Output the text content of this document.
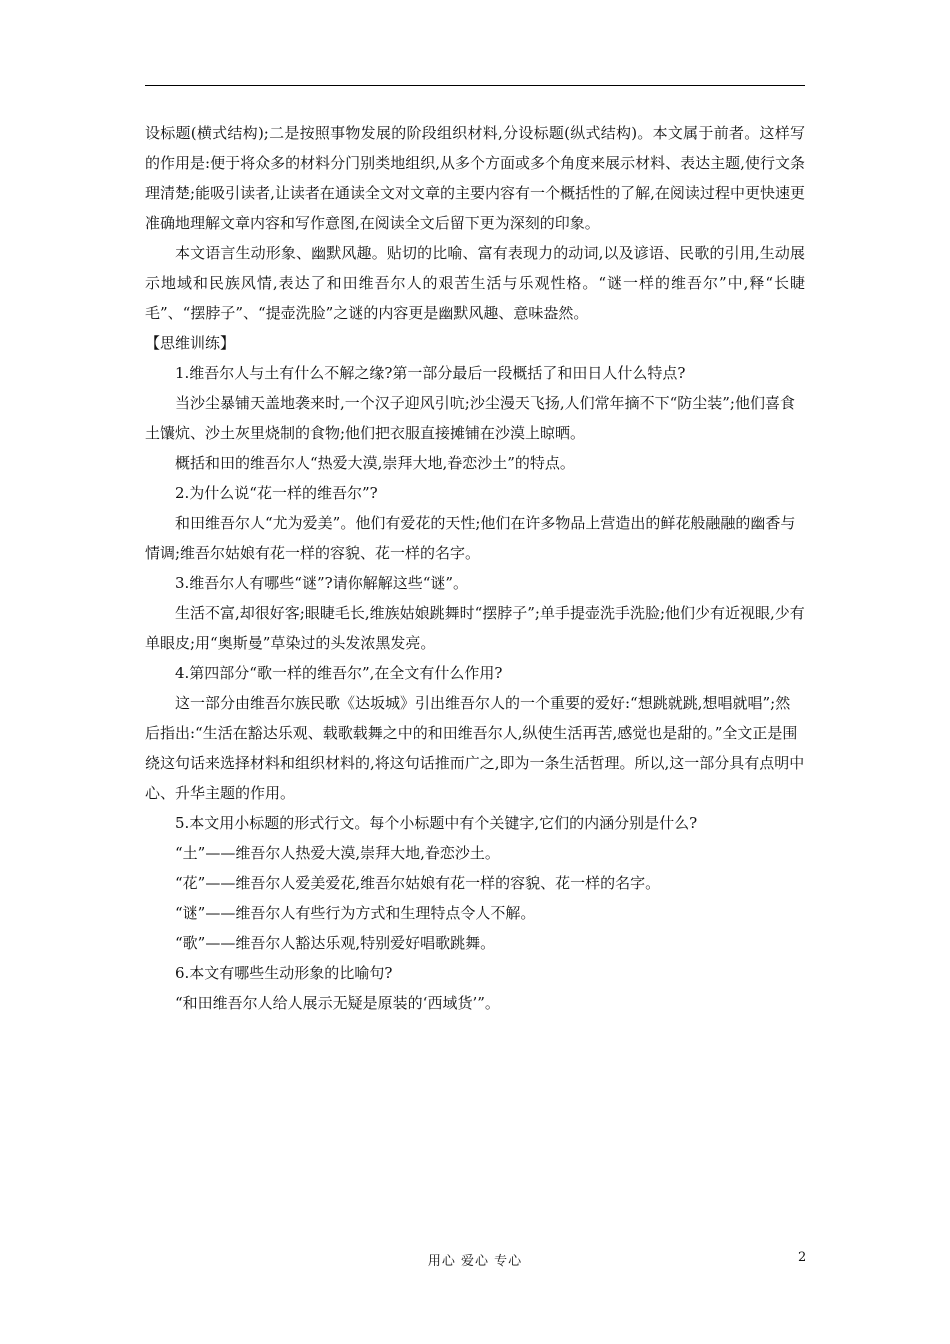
设标题(横式结构);二是按照事物发展的阶段组织材料,分设标题(纵式结构)。本文属于前者。这样写的作用是:便于将众多的材料分门别类地组织,从多个方面或多个角度来展示材料、表达主题,使行文条理清楚;能吸引读者,让读者在通读全文对文章的主要内容有一个概括性的了解,在阅读过程中更快速更准确地理解文章内容和写作意图,在阅读全文后留下更为深刻的印象。

本文语言生动形象、幽默风趣。贴切的比喻、富有表现力的动词,以及谚语、民歌的引用,生动展示地域和民族风情,表达了和田维吾尔人的艰苦生活与乐观性格。“谜一样的维吾尔”中,释“长睫毛”、“摆脖子”、“提壶洗脸”之谜的内容更是幽默风趣、意味盎然。

【思维训练】

1.维吾尔人与土有什么不解之缘?第一部分最后一段概括了和田日人什么特点?

当沙尘暴铺天盖地袭来时,一个汉子迎风引吭;沙尘漫天飞扬,人们常年摘不下“防尘装”;他们喜食土馕炕、沙土灰里烧制的食物;他们把衣服直接摊铺在沙漠上晾晒。

概括和田的维吾尔人“热爱大漠,崇拜大地,眷恋沙土”的特点。

2.为什么说“花一样的维吾尔”?

和田维吾尔人“尤为爱美”。他们有爱花的天性;他们在许多物品上营造出的鲜花般融融的幽香与情调;维吾尔姑娘有花一样的容貌、花一样的名字。

3.维吾尔人有哪些“谜”?请你解解这些“谜”。

生活不富,却很好客;眼睫毛长,维族姑娘跳舞时“摆脖子”;单手提壶洗手洗脸;他们少有近视眼,少有单眼皮;用“奥斯曼”草染过的头发浓黑发亮。

4.第四部分“歌一样的维吾尔”,在全文有什么作用?

这一部分由维吾尔族民歌《达坂城》引出维吾尔人的一个重要的爱好:“想跳就跳,想唱就唱”;然后指出:“生活在豁达乐观、载歌载舞之中的和田维吾尔人,纵使生活再苦,感觉也是甜的。”全文正是围绕这句话来选择材料和组织材料的,将这句话推而广之,即为一条生活哲理。所以,这一部分具有点明中心、升华主题的作用。

5.本文用小标题的形式行文。每个小标题中有个关键字,它们的内涵分别是什么?

“土”——维吾尔人热爱大漠,崇拜大地,眷恋沙土。

“花”——维吾尔人爱美爱花,维吾尔姑娘有花一样的容貌、花一样的名字。

“谜”——维吾尔人有些行为方式和生理特点令人不解。

“歌”——维吾尔人豁达乐观,特别爱好唱歌跳舞。

6.本文有哪些生动形象的比喻句?

“和田维吾尔人给人展示无疑是原装的‘西域货’”。

用心 爱心 专心	2
